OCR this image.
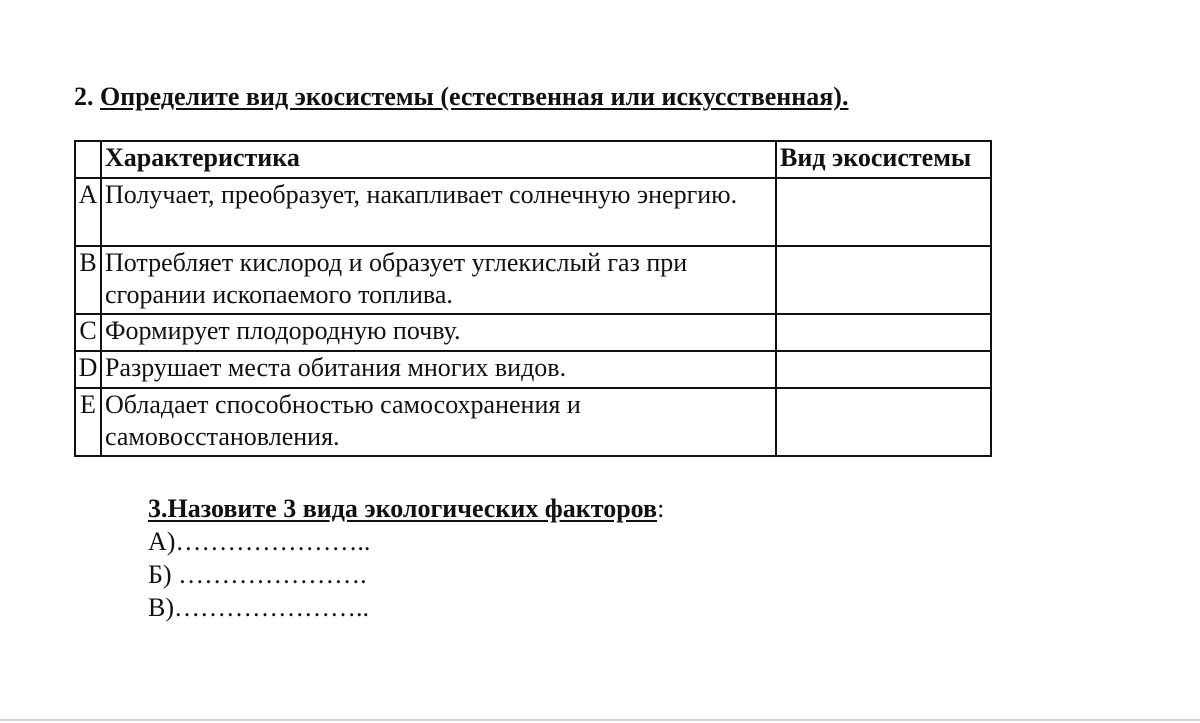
2. Определите вид экосистемы (естественная или искусственная).
	Характеристика	Вид экосистемы
A	Получает, преобразует, накапливает солнечную энергию.	
B	Потребляет кислород и образует углекислый газ при сгорании ископаемого топлива.	
C	Формирует плодородную почву.	
D	Разрушает места обитания многих видов.	
E	Обладает способностью самосохранения и самовосстановления.	
3.Назовите 3 вида экологических факторов:
А)…………………..
Б) ………………….
В)…………………..
